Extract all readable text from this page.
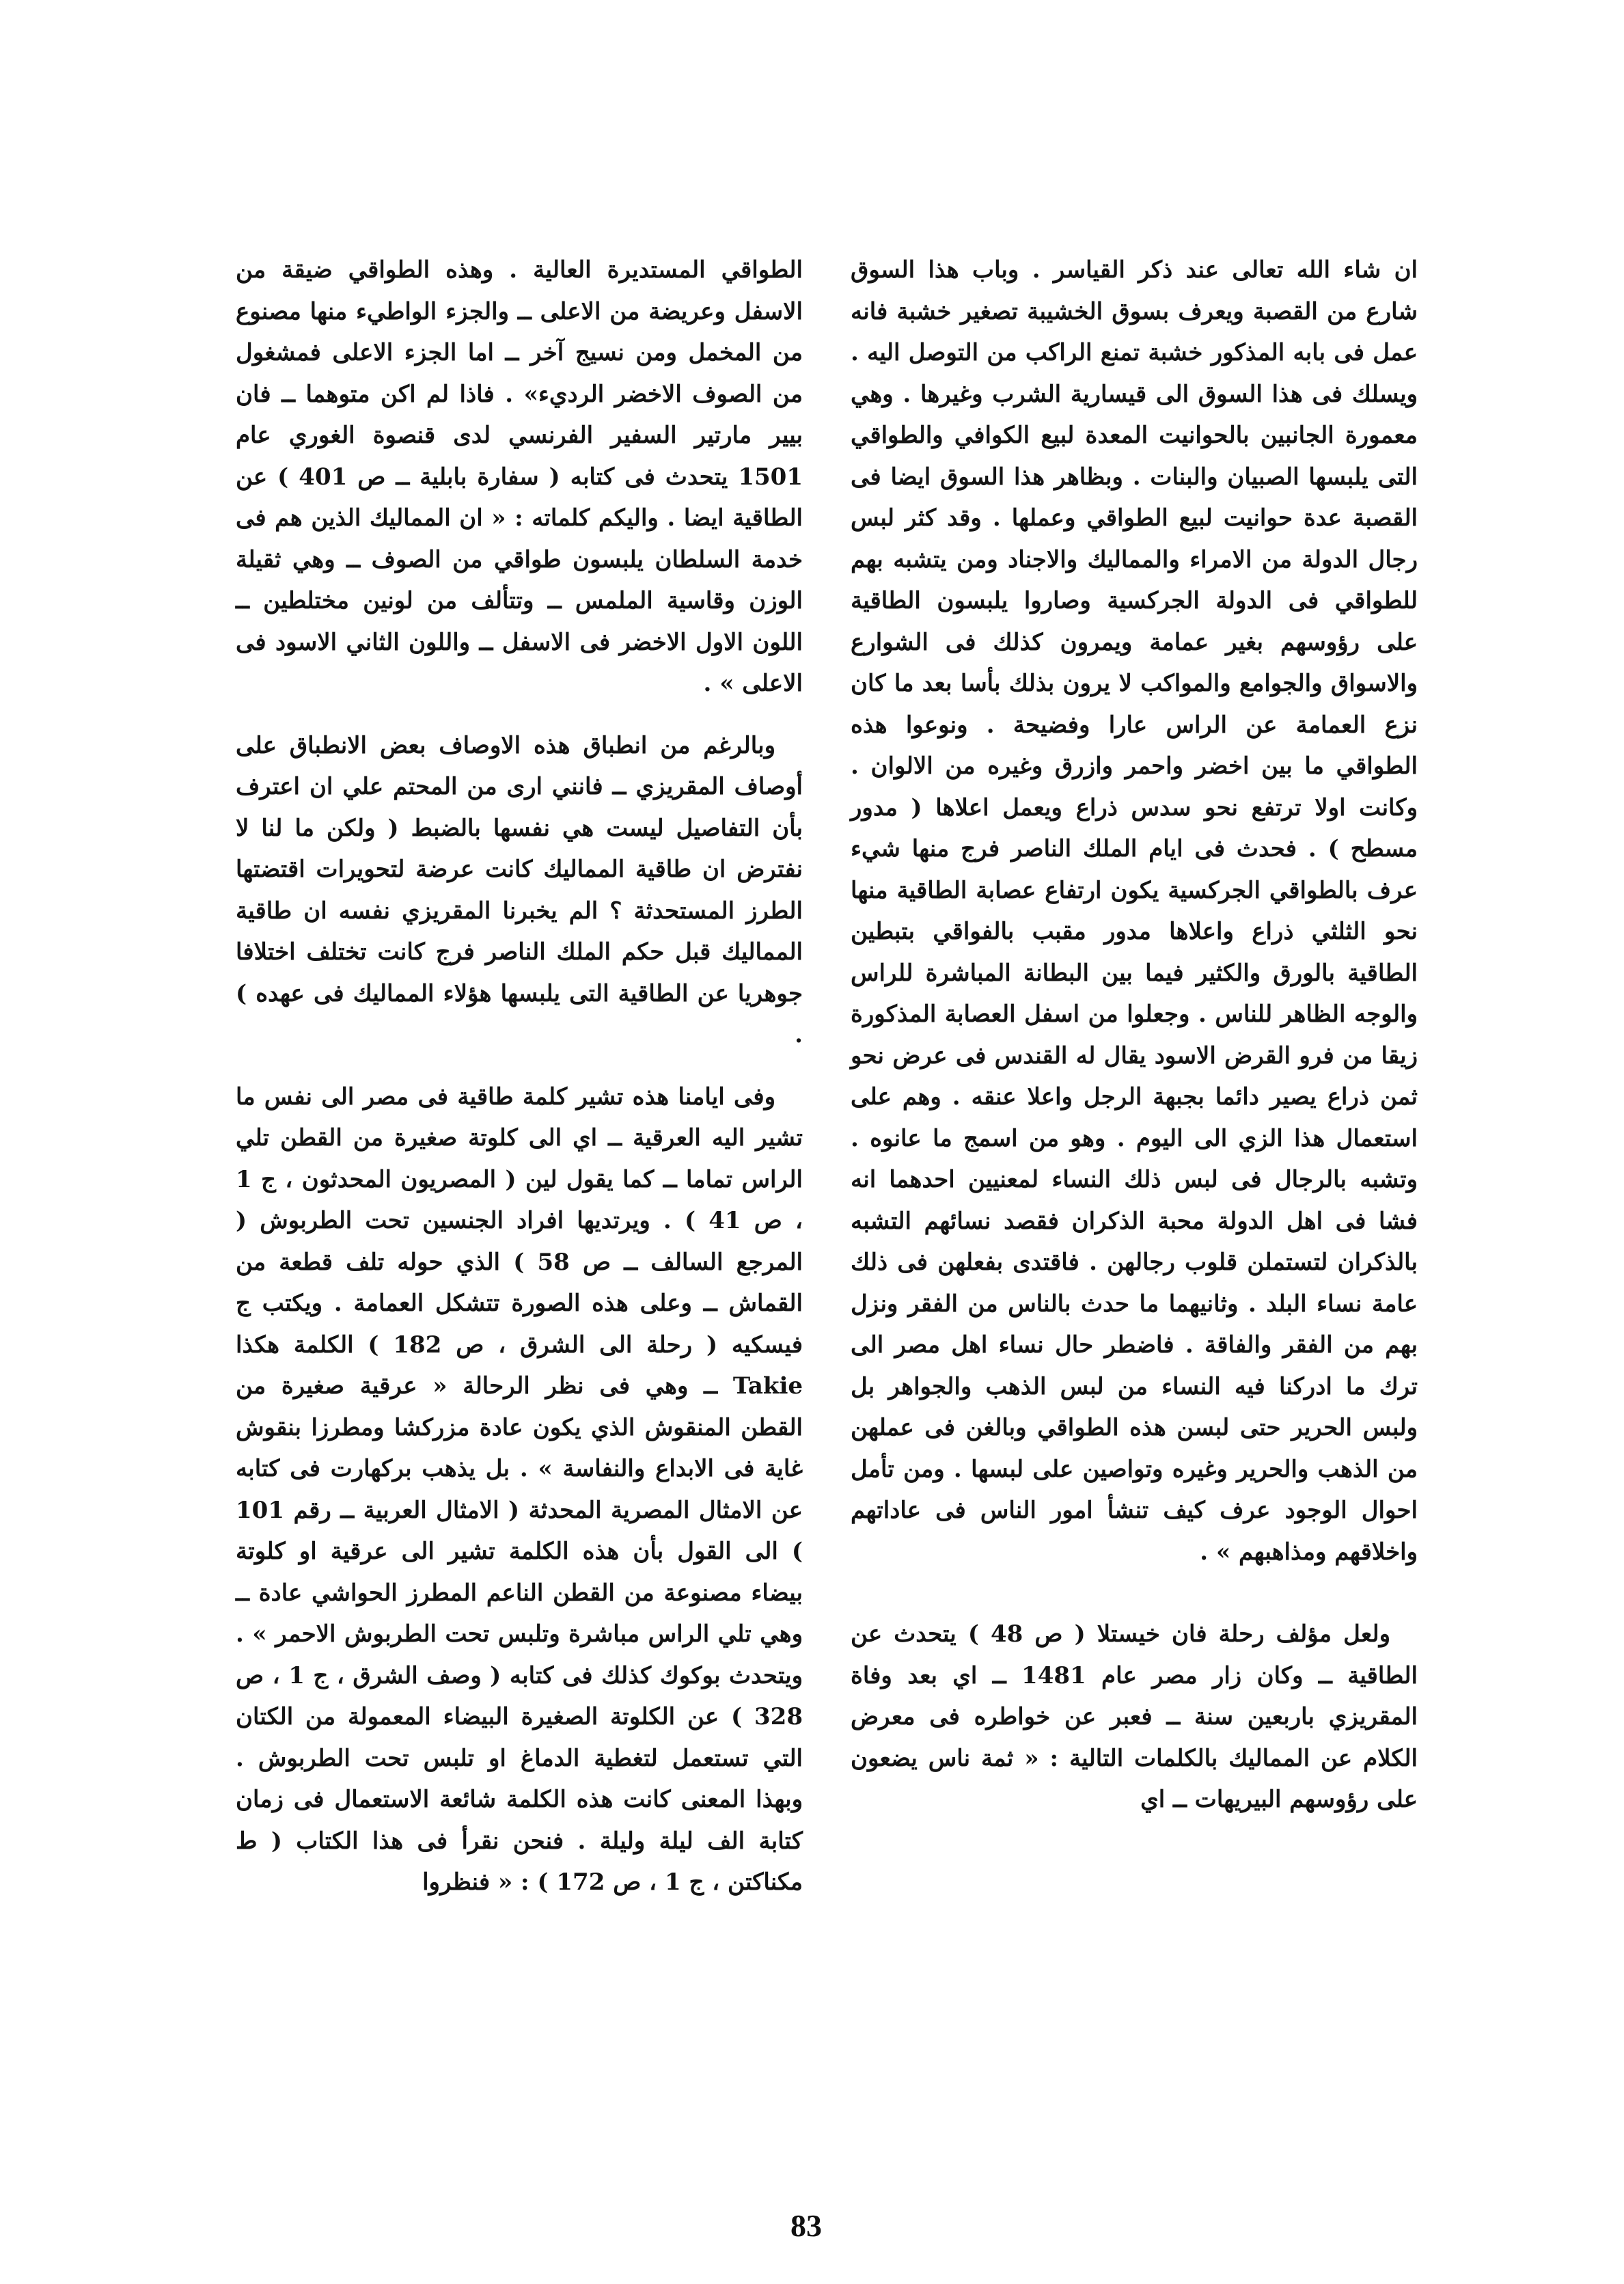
ان شاء الله تعالى عند ذكر القياسر . وباب هذا السوق شارع من القصبة ويعرف بسوق الخشيبة تصغير خشبة فانه عمل فى بابه المذكور خشبة تمنع الراكب من التوصل اليه . ويسلك فى هذا السوق الى قيسارية الشرب وغيرها . وهي معمورة الجانبين بالحوانيت المعدة لبيع الكوافي والطواقي التى يلبسها الصبيان والبنات . وبظاهر هذا السوق ايضا فى القصبة عدة حوانيت لبيع الطواقي وعملها . وقد كثر لبس رجال الدولة من الامراء والمماليك والاجناد ومن يتشبه بهم للطواقي فى الدولة الجركسية وصاروا يلبسون الطاقية على رؤوسهم بغير عمامة ويمرون كذلك فى الشوارع والاسواق والجوامع والمواكب لا يرون بذلك بأسا بعد ما كان نزع العمامة عن الراس عارا وفضيحة . ونوعوا هذه الطواقي ما بين اخضر واحمر وازرق وغيره من الالوان . وكانت اولا ترتفع نحو سدس ذراع ويعمل اعلاها ( مدور مسطح ) . فحدث فى ايام الملك الناصر فرج منها شيء عرف بالطواقي الجركسية يكون ارتفاع عصابة الطاقية منها نحو الثلثي ذراع واعلاها مدور مقبب بالفواقي بتبطين الطاقية بالورق والكثير فيما بين البطانة المباشرة للراس والوجه الظاهر للناس . وجعلوا من اسفل العصابة المذكورة زيقا من فرو القرض الاسود يقال له القندس فى عرض نحو ثمن ذراع يصير دائما بجبهة الرجل واعلا عنقه . وهم على استعمال هذا الزي الى اليوم . وهو من اسمج ما عانوه . وتشبه بالرجال فى لبس ذلك النساء لمعنيين احدهما انه فشا فى اهل الدولة محبة الذكران فقصد نسائهم التشبه بالذكران لتستملن قلوب رجالهن . فاقتدى بفعلهن فى ذلك عامة نساء البلد . وثانيهما ما حدث بالناس من الفقر ونزل بهم من الفقر والفاقة . فاضطر حال نساء اهل مصر الى ترك ما ادركنا فيه النساء من لبس الذهب والجواهر بل ولبس الحرير حتى لبسن هذه الطواقي وبالغن فى عملهن من الذهب والحرير وغيره وتواصين على لبسها . ومن تأمل احوال الوجود عرف كيف تنشأ امور الناس فى عاداتهم واخلاقهم ومذاهبهم » .

ولعل مؤلف رحلة فان خيستلا ( ص 48 ) يتحدث عن الطاقية ــ وكان زار مصر عام 1481 ــ اي بعد وفاة المقريزي باربعين سنة ــ فعبر عن خواطره فى معرض الكلام عن المماليك بالكلمات التالية : « ثمة ناس يضعون على رؤوسهم البيريهات ــ اي

الطواقي المستديرة العالية . وهذه الطواقي ضيقة من الاسفل وعريضة من الاعلى ــ والجزء الواطيء منها مصنوع من المخمل ومن نسيج آخر ــ اما الجزء الاعلى فمشغول من الصوف الاخضر الرديء» . فاذا لم اكن متوهما ــ فان بيير مارتير السفير الفرنسي لدى قنصوة الغوري عام 1501 يتحدث فى كتابه ( سفارة بابلية ــ ص 401 ) عن الطاقية ايضا . واليكم كلماته : « ان المماليك الذين هم فى خدمة السلطان يلبسون طواقي من الصوف ــ وهي ثقيلة الوزن وقاسية الملمس ــ وتتألف من لونين مختلطين ــ اللون الاول الاخضر فى الاسفل ــ واللون الثاني الاسود فى الاعلى » .

وبالرغم من انطباق هذه الاوصاف بعض الانطباق على أوصاف المقريزي ــ فانني ارى من المحتم علي ان اعترف بأن التفاصيل ليست هي نفسها بالضبط ( ولكن ما لنا لا نفترض ان طاقية المماليك كانت عرضة لتحويرات اقتضتها الطرز المستحدثة ؟ الم يخبرنا المقريزي نفسه ان طاقية المماليك قبل حكم الملك الناصر فرج كانت تختلف اختلافا جوهريا عن الطاقية التى يلبسها هؤلاء المماليك فى عهده ) .

وفى ايامنا هذه تشير كلمة طاقية فى مصر الى نفس ما تشير اليه العرقية ــ اي الى كلوتة صغيرة من القطن تلي الراس تماما ــ كما يقول لين ( المصريون المحدثون ، ج 1 ، ص 41 ) . ويرتديها افراد الجنسين تحت الطربوش ( المرجع السالف ــ ص 58 ) الذي حوله تلف قطعة من القماش ــ وعلى هذه الصورة تتشكل العمامة . ويكتب ج فيسكيه ( رحلة الى الشرق ، ص 182 ) الكلمة هكذا Takie ــ وهي فى نظر الرحالة « عرقية صغيرة من القطن المنقوش الذي يكون عادة مزركشا ومطرزا بنقوش غاية فى الابداع والنفاسة » . بل يذهب بركهارت فى كتابه عن الامثال المصرية المحدثة ( الامثال العربية ــ رقم 101 ) الى القول بأن هذه الكلمة تشير الى عرقية او كلوتة بيضاء مصنوعة من القطن الناعم المطرز الحواشي عادة ــ وهي تلي الراس مباشرة وتلبس تحت الطربوش الاحمر » . ويتحدث بوكوك كذلك فى كتابه ( وصف الشرق ، ج 1 ، ص 328 ) عن الكلوتة الصغيرة البيضاء المعمولة من الكتان التي تستعمل لتغطية الدماغ او تلبس تحت الطربوش . وبهذا المعنى كانت هذه الكلمة شائعة الاستعمال فى زمان كتابة الف ليلة وليلة . فنحن نقرأ فى هذا الكتاب ( ط مكناكتن ، ج 1 ، ص 172 ) : « فنظروا

83
